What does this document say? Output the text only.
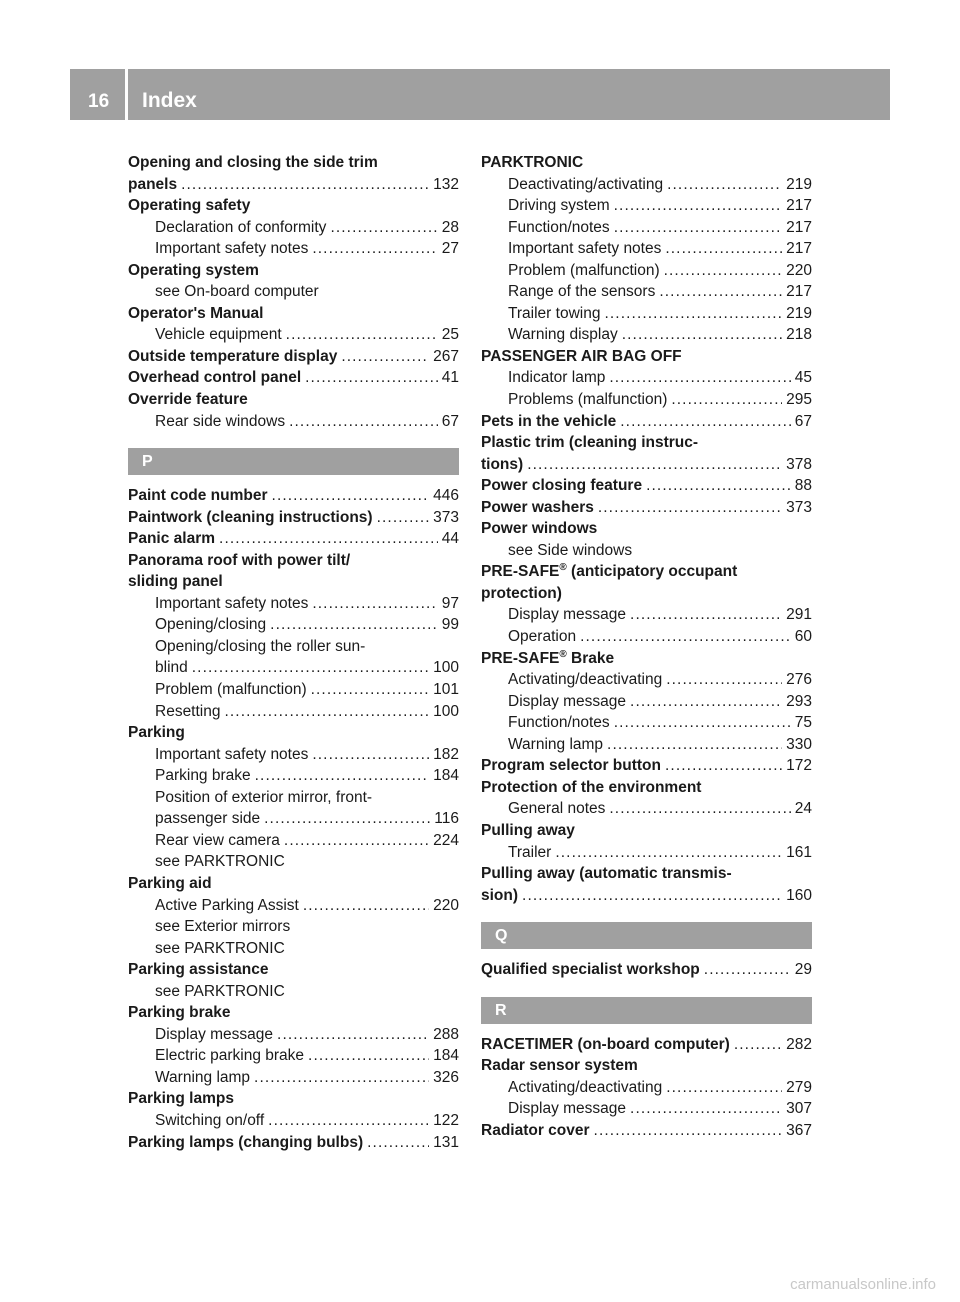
16 Index
Opening and closing the side trim
panels . . .	132
Operating safety
Declaration of conformity . . .	28
Important safety notes . . .	27
Operating system
see On-board computer
Operator's Manual
Vehicle equipment . . .	25
Outside temperature display . . .	267
Overhead control panel . . .	41
Override feature
Rear side windows . . .	67
P
Paint code number . . .	446
Paintwork (cleaning instructions) . . .	373
Panic alarm . . .	44
Panorama roof with power tilt/
sliding panel
Important safety notes . . .	97
Opening/closing . . .	99
Opening/closing the roller sun-
blind . . .	100
Problem (malfunction) . . .	101
Resetting . . .	100
Parking
Important safety notes . . .	182
Parking brake . . .	184
Position of exterior mirror, front-
passenger side . . .	116
Rear view camera . . .	224
see PARKTRONIC
Parking aid
Active Parking Assist . . .	220
see Exterior mirrors
see PARKTRONIC
Parking assistance
see PARKTRONIC
Parking brake
Display message . . .	288
Electric parking brake . . .	184
Warning lamp . . .	326
Parking lamps
Switching on/off . . .	122
Parking lamps (changing bulbs) . . .	131
PARKTRONIC
Deactivating/activating . . .	219
Driving system . . .	217
Function/notes . . .	217
Important safety notes . . .	217
Problem (malfunction) . . .	220
Range of the sensors . . .	217
Trailer towing . . .	219
Warning display . . .	218
PASSENGER AIR BAG OFF
Indicator lamp . . .	45
Problems (malfunction) . . .	295
Pets in the vehicle . . .	67
Plastic trim (cleaning instruc-
tions) . . .	378
Power closing feature . . .	88
Power washers . . .	373
Power windows
see Side windows
PRE-SAFE® (anticipatory occupant
protection)
Display message . . .	291
Operation . . .	60
PRE-SAFE® Brake
Activating/deactivating . . .	276
Display message . . .	293
Function/notes . . .	75
Warning lamp . . .	330
Program selector button . . .	172
Protection of the environment
General notes . . .	24
Pulling away
Trailer . . .	161
Pulling away (automatic transmis-
sion) . . .	160
Q
Qualified specialist workshop . . .	29
R
RACETIMER (on-board computer) . . .	282
Radar sensor system
Activating/deactivating . . .	279
Display message . . .	307
Radiator cover . . .	367
carmanualsonline.info
